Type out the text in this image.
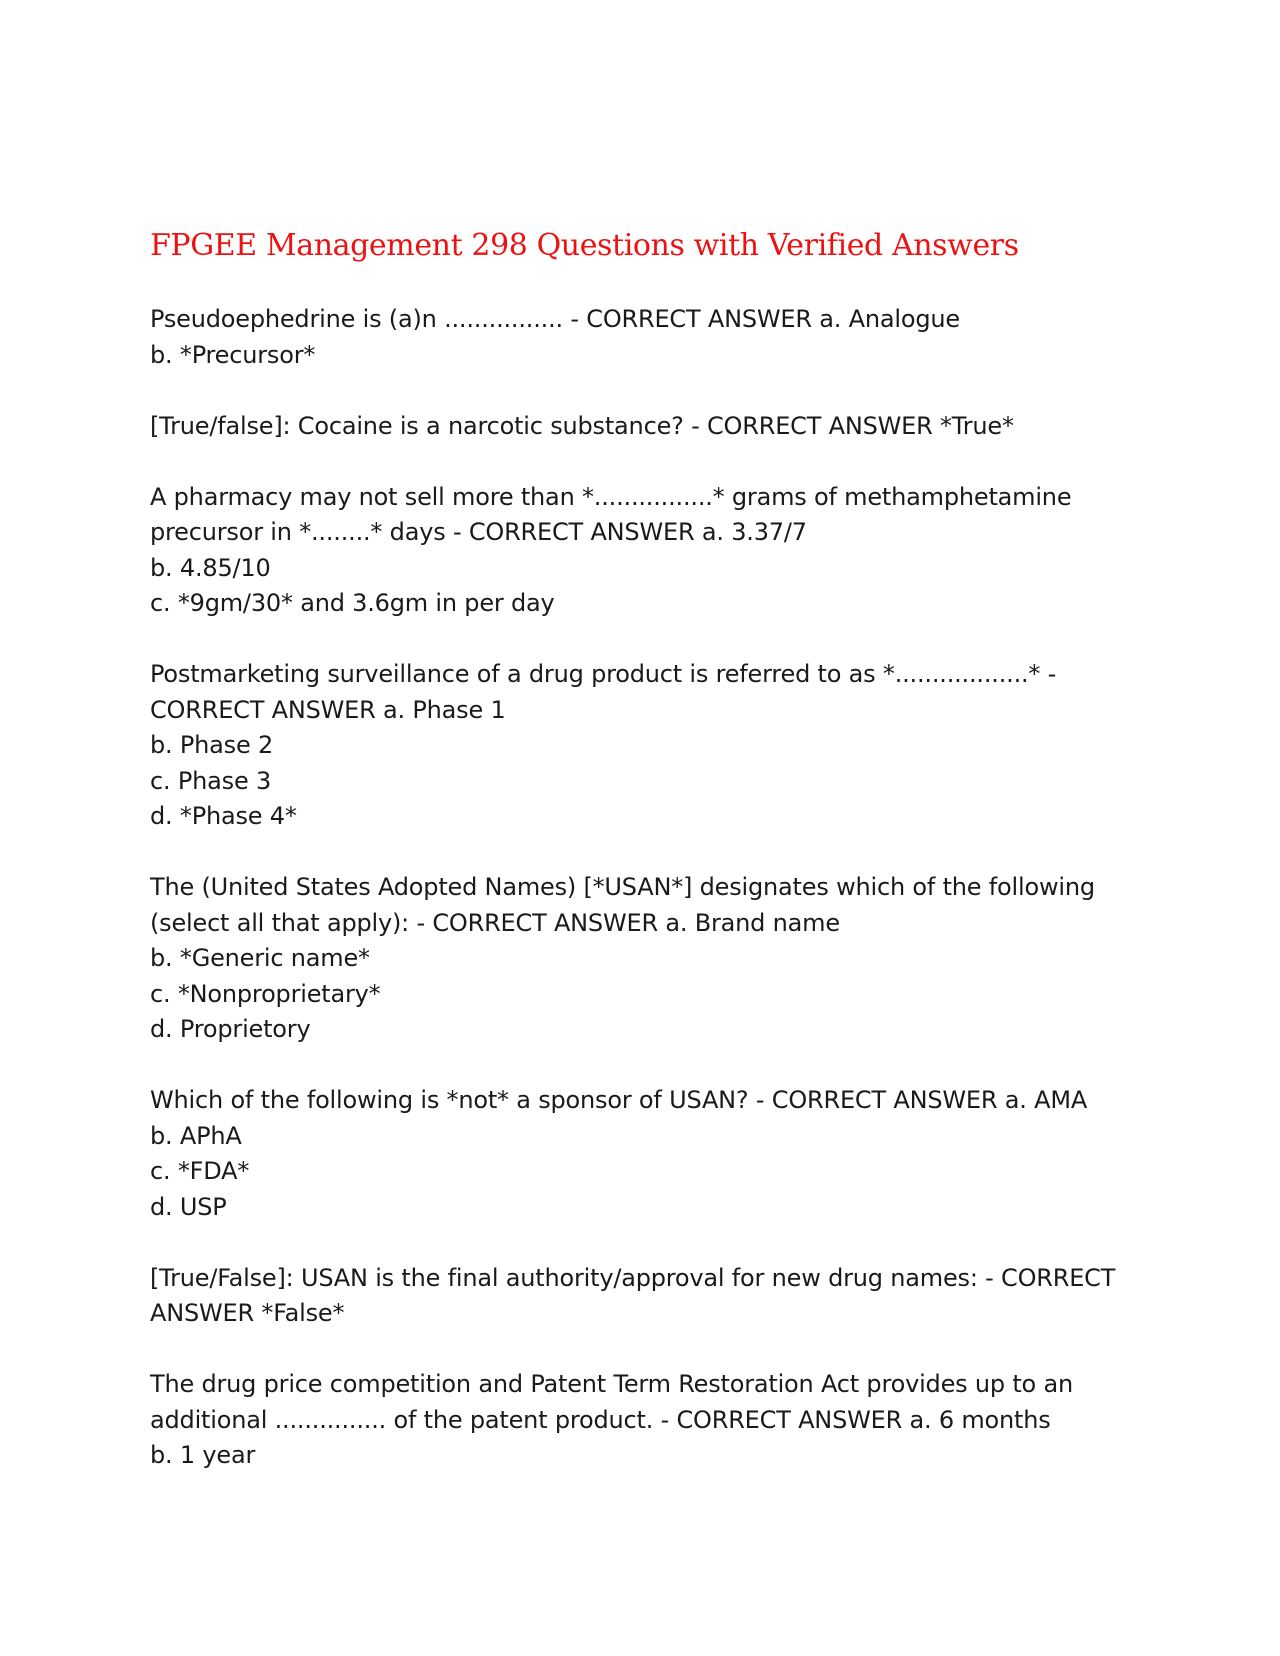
FPGEE Management 298 Questions with Verified Answers
Pseudoephedrine is (a)n ................ - CORRECT ANSWER a. Analogue
b. *Precursor*
[True/false]: Cocaine is a narcotic substance? - CORRECT ANSWER *True*
A pharmacy may not sell more than *................* grams of methamphetamine
precursor in *........* days - CORRECT ANSWER a. 3.37/7
b. 4.85/10
c. *9gm/30* and 3.6gm in per day
Postmarketing surveillance of a drug product is referred to as *..................* -
CORRECT ANSWER a. Phase 1
b. Phase 2
c. Phase 3
d. *Phase 4*
The (United States Adopted Names) [*USAN*] designates which of the following
(select all that apply): - CORRECT ANSWER a. Brand name
b. *Generic name*
c. *Nonproprietary*
d. Proprietory
Which of the following is *not* a sponsor of USAN? - CORRECT ANSWER a. AMA
b. APhA
c. *FDA*
d. USP
[True/False]: USAN is the final authority/approval for new drug names: - CORRECT
ANSWER *False*
The drug price competition and Patent Term Restoration Act provides up to an
additional ............... of the patent product. - CORRECT ANSWER a. 6 months
b. 1 year
